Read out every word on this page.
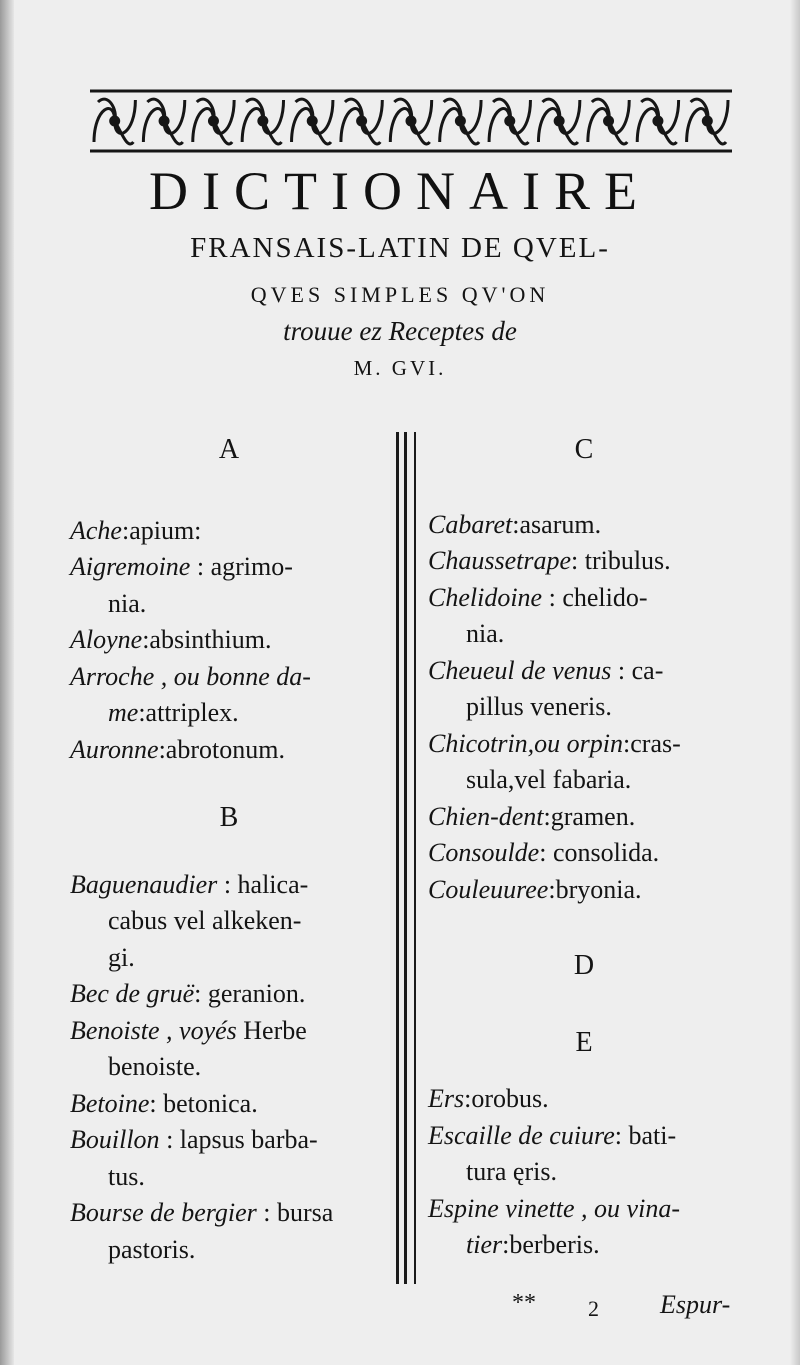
DICTIONAIRE
FRANSAIS-LATIN DE QVEL-
QVES SIMPLES QV'ON
trouue ez Receptes de
M. GVI.
A
Ache:apium:
Aigremoine : agrimo-
nia.
Aloyne:absinthium.
Arroche , ou bonne da-
me:attriplex.
Auronne:abrotonum.
B
Baguenaudier : halica-
cabus vel alkeken-
gi.
Bec de gruë: geranion.
Benoiste , voyés Herbe
benoiste.
Betoine: betonica.
Bouillon : lapsus barba-
tus.
Bourse de bergier : bursa
pastoris.
C
Cabaret:asarum.
Chaussetrape: tribulus.
Chelidoine : chelido-
nia.
Cheueul de venus : ca-
pillus veneris.
Chicotrin,ou orpin:cras-
sula,vel fabaria.
Chien-dent:gramen.
Consoulde: consolida.
Couleuuree:bryonia.
D
E
Ers:orobus.
Escaille de cuiure: bati-
tura ęris.
Espine vinette , ou vina-
tier:berberis.
** 2 Espur-
